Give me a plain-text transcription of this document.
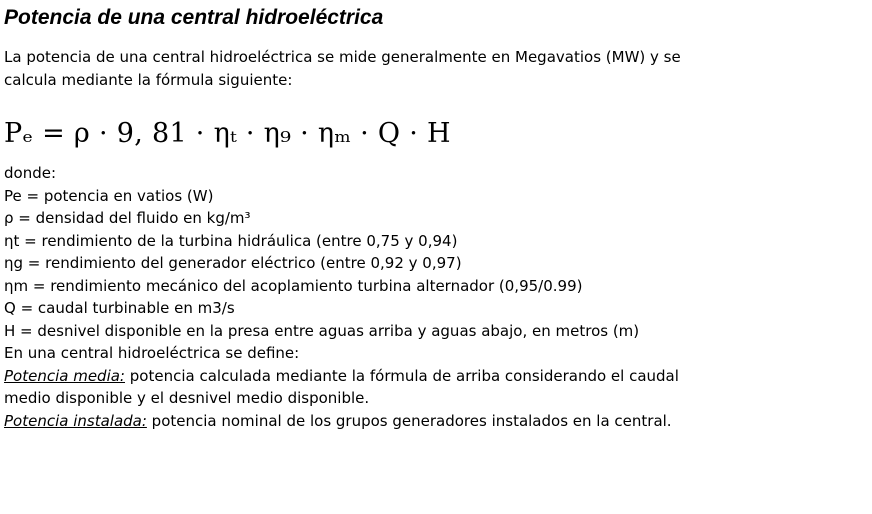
Potencia de una central hidroeléctrica
La potencia de una central hidroeléctrica se mide generalmente en Megavatios (MW) y se
calcula mediante la fórmula siguiente:
Pₑ = ρ · 9, 81 · ηₜ · η₉ · ηₘ · Q · H
donde:
Pe = potencia en vatios (W)
ρ = densidad del fluido en kg/m³
ηt = rendimiento de la turbina hidráulica (entre 0,75 y 0,94)
ηg = rendimiento del generador eléctrico (entre 0,92 y 0,97)
ηm = rendimiento mecánico del acoplamiento turbina alternador (0,95/0.99)
Q = caudal turbinable en m3/s
H = desnivel disponible en la presa entre aguas arriba y aguas abajo, en metros (m)
En una central hidroeléctrica se define:
Potencia media: potencia calculada mediante la fórmula de arriba considerando el caudal
medio disponible y el desnivel medio disponible.
Potencia instalada: potencia nominal de los grupos generadores instalados en la central.
